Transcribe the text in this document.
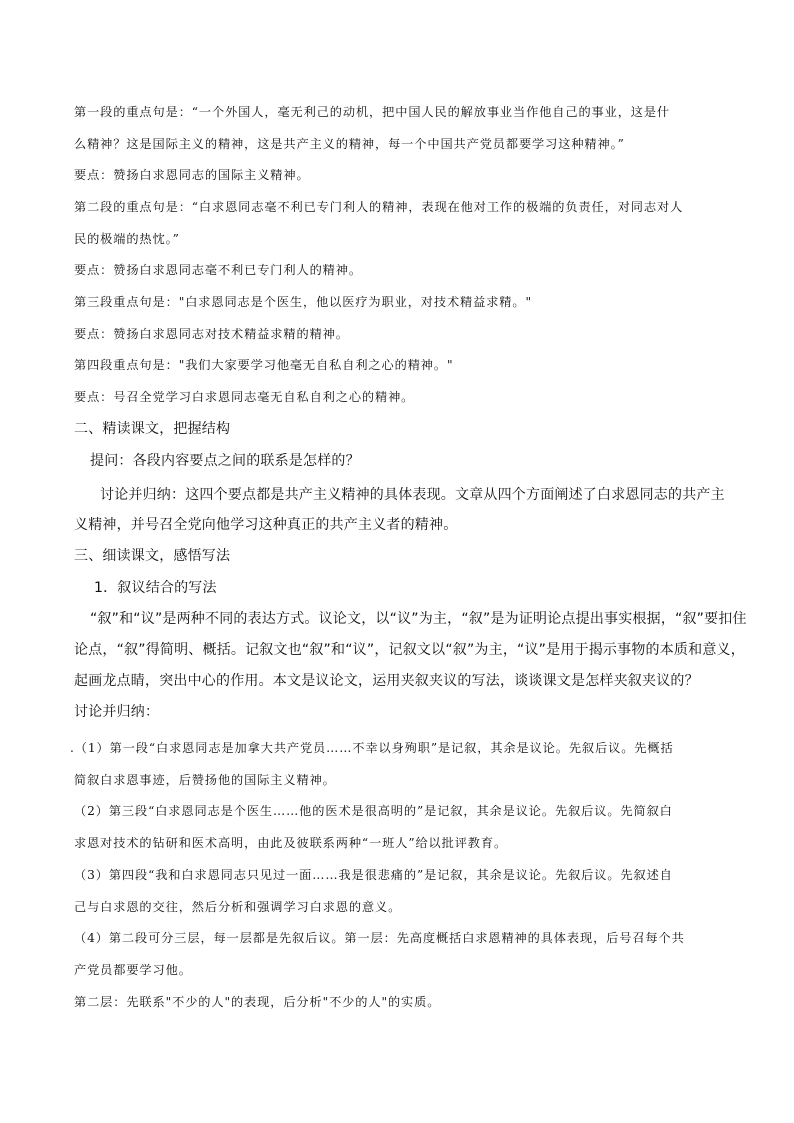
第一段的重点句是：“一个外国人，毫无利己的动机，把中国人民的解放事业当作他自己的事业，这是什
么精神？这是国际主义的精神，这是共产主义的精神，每一个中国共产党员都要学习这种精神。”
要点：赞扬白求恩同志的国际主义精神。
第二段的重点句是：“白求恩同志毫不利已专门利人的精神，表现在他对工作的极端的负责任，对同志对人
民的极端的热忱。”
要点：赞扬白求恩同志毫不利已专门利人的精神。
第三段重点句是："白求恩同志是个医生，他以医疗为职业，对技术精益求精。"
要点：赞扬白求恩同志对技术精益求精的精神。
第四段重点句是："我们大家要学习他毫无自私自利之心的精神。"
要点：号召全党学习白求恩同志毫无自私自利之心的精神。
二、精读课文，把握结构
提问：各段内容要点之间的联系是怎样的？
讨论并归纳：这四个要点都是共产主义精神的具体表现。文章从四个方面阐述了白求恩同志的共产主
义精神，并号召全党向他学习这种真正的共产主义者的精神。
三、细读课文，感悟写法
1．叙议结合的写法
“叙”和“议”是两种不同的表达方式。议论文，以“议”为主，“叙”是为证明论点提出事实根据，“叙”要扣住
论点，“叙”得简明、概括。记叙文也“叙”和“议”，记叙文以“叙”为主，“议”是用于揭示事物的本质和意义，
起画龙点睛，突出中心的作用。本文是议论文，运用夹叙夹议的写法，谈谈课文是怎样夹叙夹议的？
讨论并归纳：
.（1）第一段“白求恩同志是加拿大共产党员……不幸以身殉职”是记叙，其余是议论。先叙后议。先概括
简叙白求恩事迹，后赞扬他的国际主义精神。
（2）第三段“白求恩同志是个医生……他的医术是很高明的”是记叙，其余是议论。先叙后议。先简叙白
求恩对技术的钻研和医术高明，由此及彼联系两种“一班人”给以批评教育。
（3）第四段“我和白求恩同志只见过一面……我是很悲痛的”是记叙，其余是议论。先叙后议。先叙述自
己与白求恩的交往，然后分析和强调学习白求恩的意义。
（4）第二段可分三层，每一层都是先叙后议。第一层：先高度概括白求恩精神的具体表现，后号召每个共
产党员都要学习他。
第二层：先联系"不少的人"的表现，后分析"不少的人"的实质。
